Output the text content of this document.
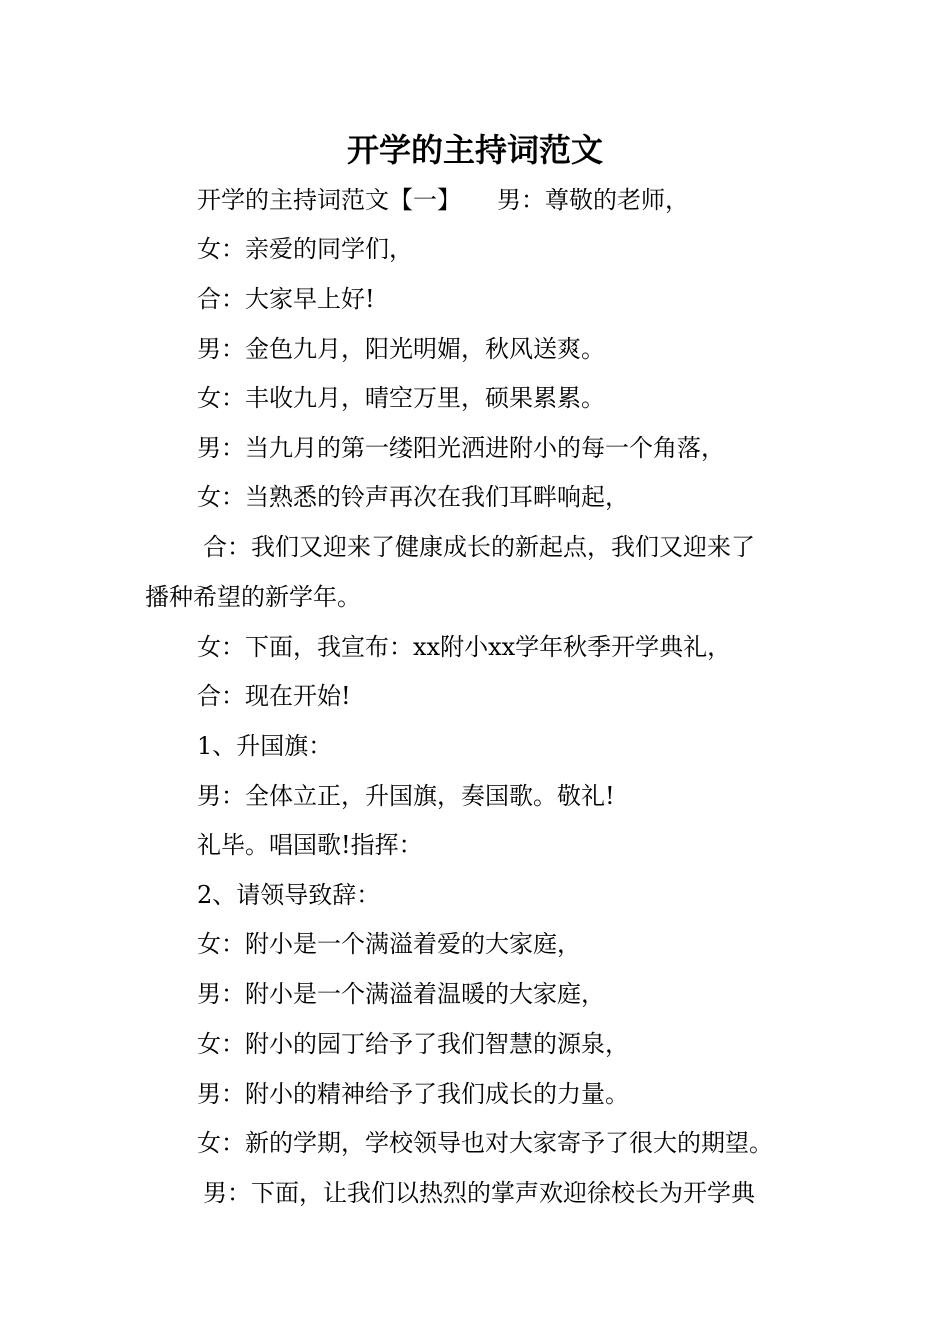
开学的主持词范文
开学的主持词范文【一】　　男：尊敬的老师，
女：亲爱的同学们，
合：大家早上好!
男：金色九月，阳光明媚，秋风送爽。
女：丰收九月，晴空万里，硕果累累。
男：当九月的第一缕阳光洒进附小的每一个角落，
女：当熟悉的铃声再次在我们耳畔响起，
合：我们又迎来了健康成长的新起点，我们又迎来了
播种希望的新学年。
女：下面，我宣布：xx附小xx学年秋季开学典礼，
合：现在开始!
1、升国旗：
男：全体立正，升国旗，奏国歌。敬礼!
礼毕。唱国歌!指挥：
2、请领导致辞：
女：附小是一个满溢着爱的大家庭，
男：附小是一个满溢着温暖的大家庭，
女：附小的园丁给予了我们智慧的源泉，
男：附小的精神给予了我们成长的力量。
女：新的学期，学校领导也对大家寄予了很大的期望。
男：下面，让我们以热烈的掌声欢迎徐校长为开学典
